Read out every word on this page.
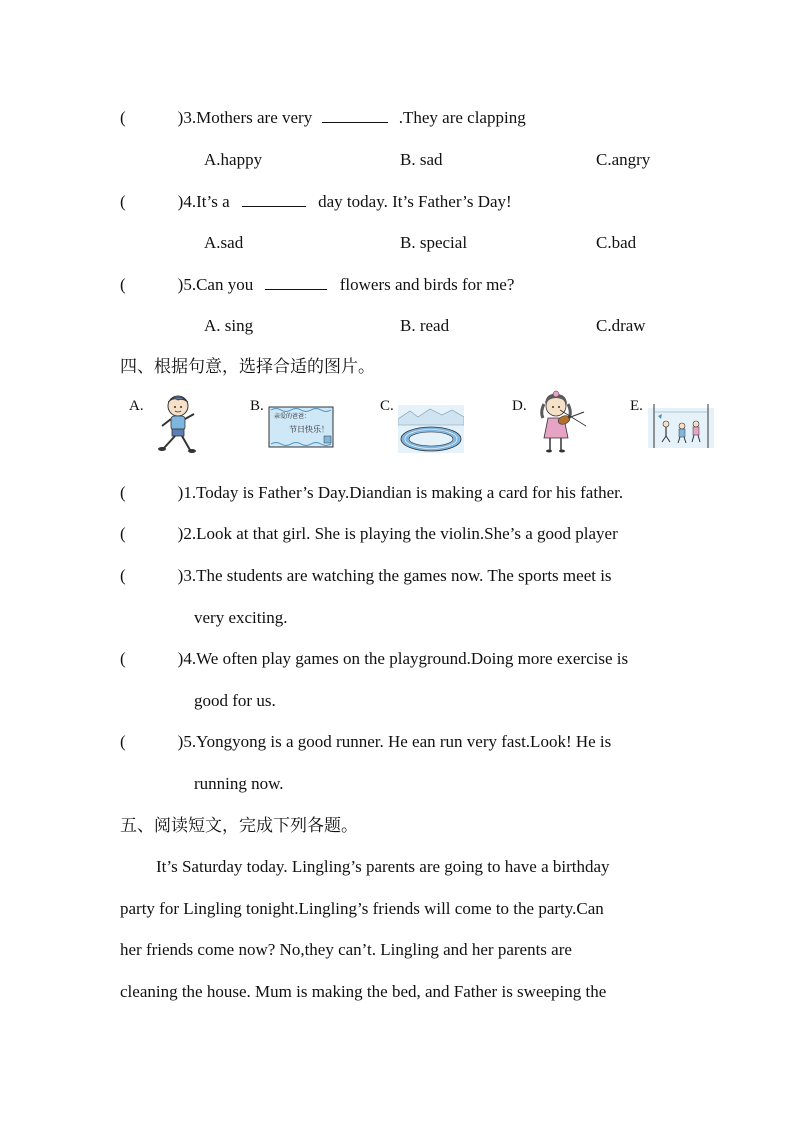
(	)3.Mothers are very	.They are clapping
A.happy	B. sad	C.angry
(	)4.It’s a	day today. It’s Father’s Day!
A.sad	B. special	C.bad
(	)5.Can you	flowers and birds for me?
A. sing	B. read	C.draw
四、根据句意，选择合适的图片。
A.	B.
亲爱的爸爸：
节日快乐！
C.	D.	E.
(	)1.Today is Father’s Day.Diandian is making a card for his father.
(	)2.Look at that girl. She is playing the violin.She’s a good player
(	)3.The students are watching the games now. The sports meet is
very exciting.
(	)4.We often play games on the playground.Doing more exercise is
good for us.
(	)5.Yongyong is a good runner. He ean run very fast.Look! He is
running now.
五、阅读短文，完成下列各题。
It’s Saturday today. Lingling’s parents are going to have a birthday
party for Lingling tonight.Lingling’s friends will come to the party.Can
her friends come now? No,they can’t. Lingling and her parents are
cleaning the house. Mum is making the bed, and Father is sweeping the
